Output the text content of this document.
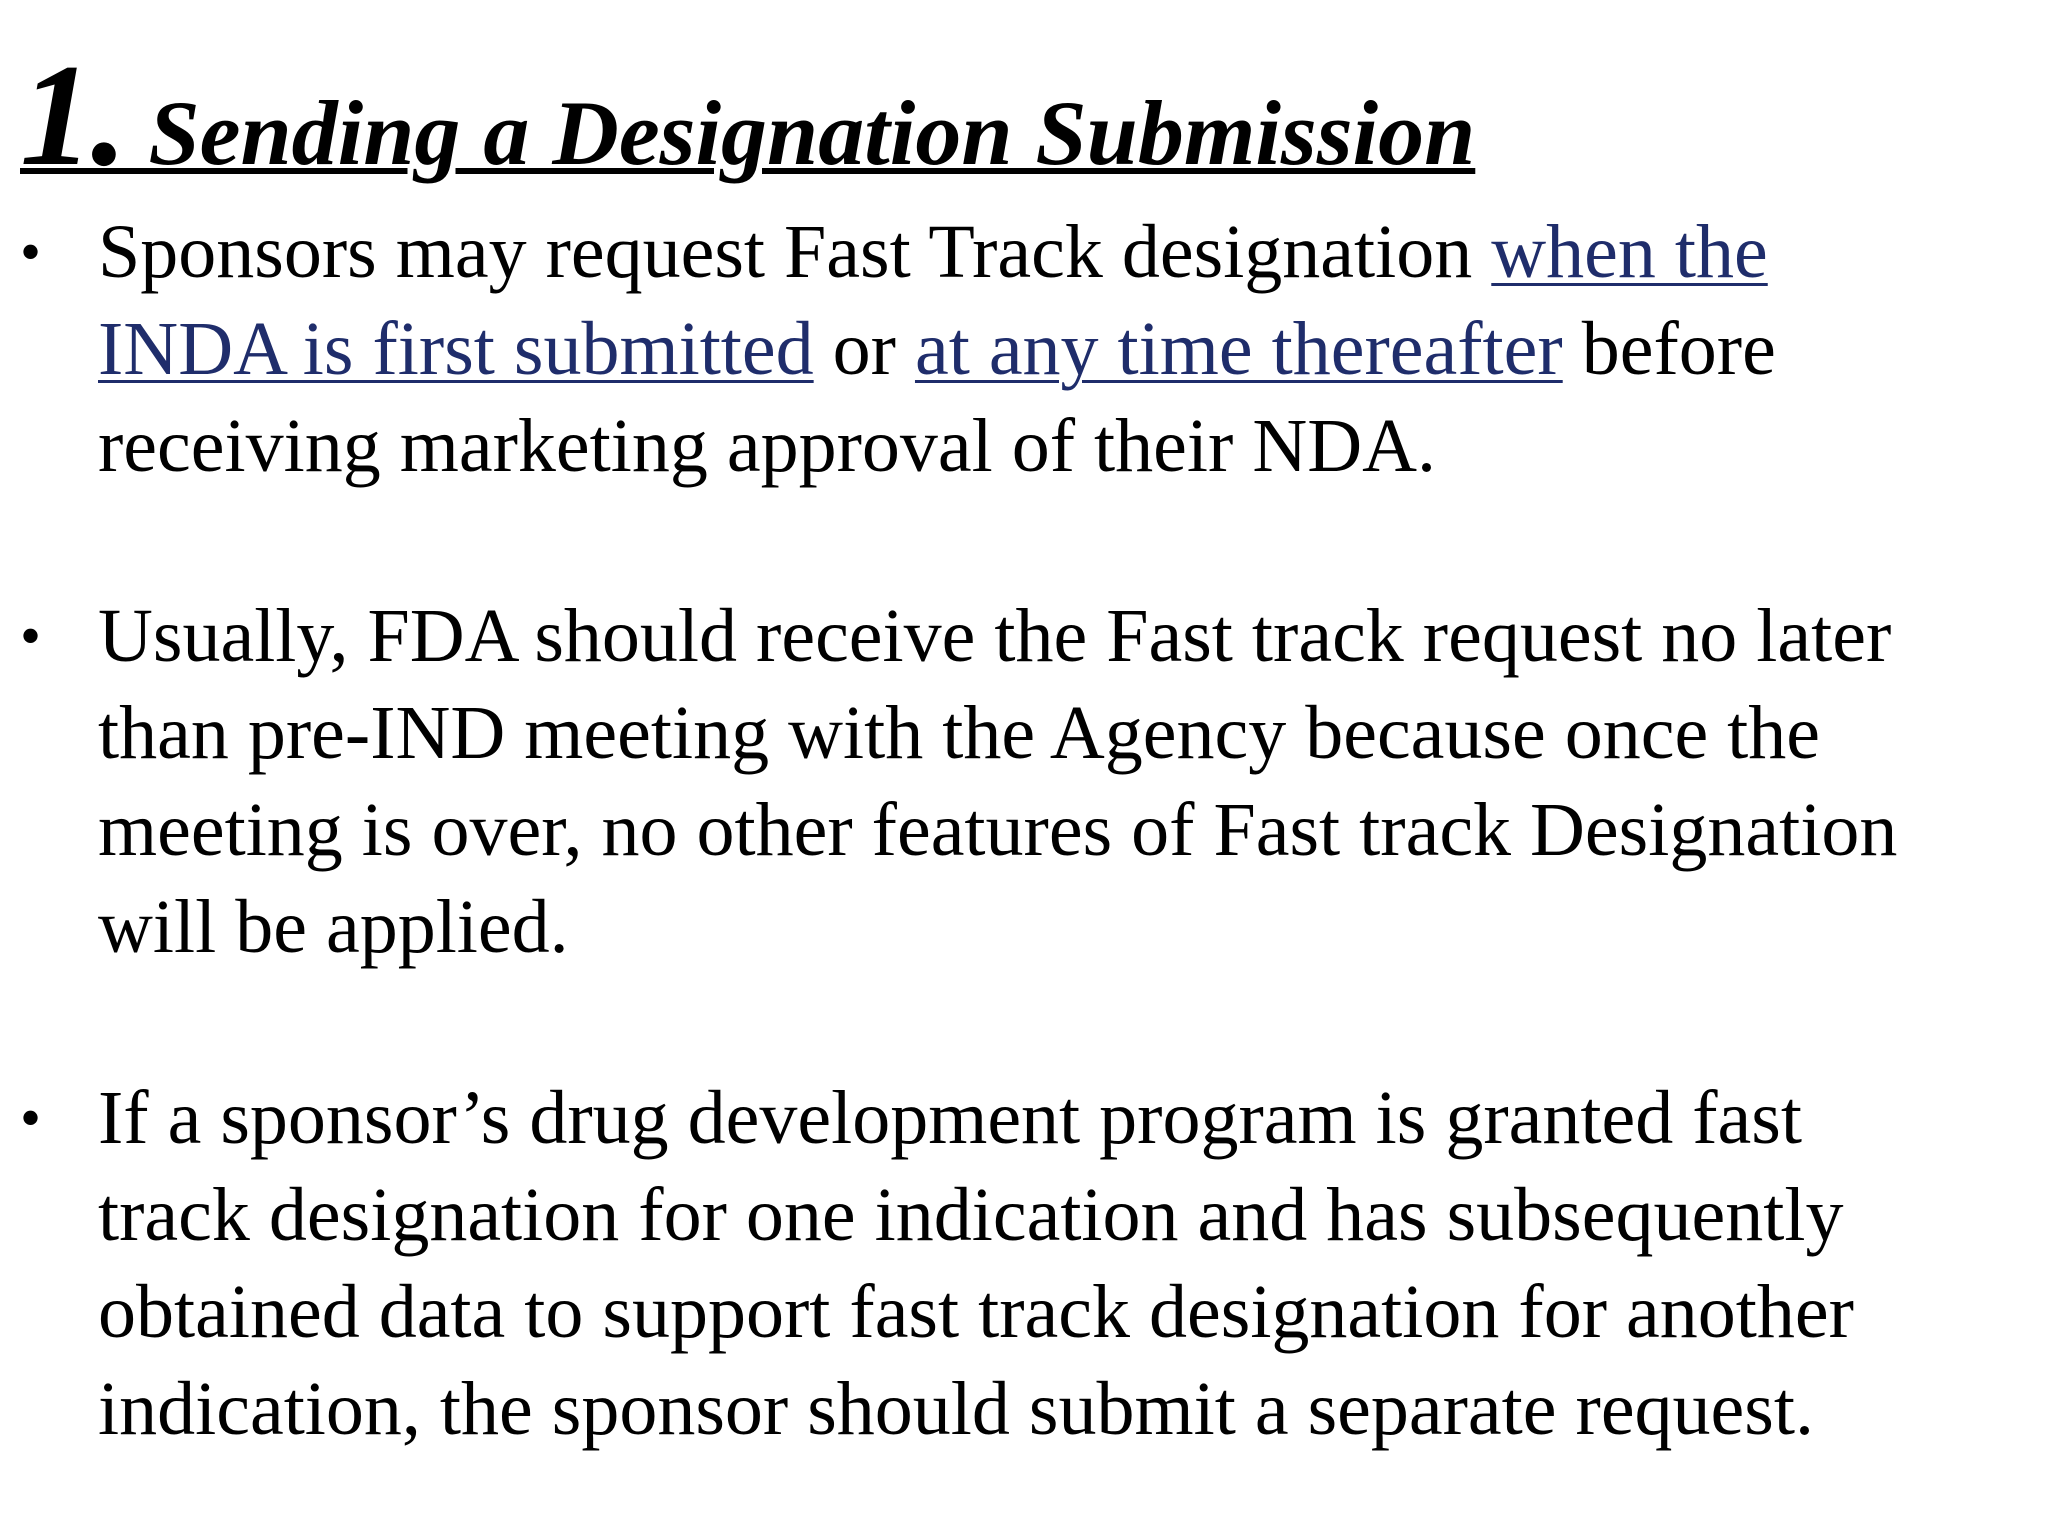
1. Sending a Designation Submission
• Sponsors may request Fast Track designation when the
INDA is first submitted or at any time thereafter before
receiving marketing approval of their NDA.
• Usually, FDA should receive the Fast track request no later
than pre-IND meeting with the Agency because once the
meeting is over, no other features of Fast track Designation
will be applied.
• If a sponsor’s drug development program is granted fast
track designation for one indication and has subsequently
obtained data to support fast track designation for another
indication, the sponsor should submit a separate request.
